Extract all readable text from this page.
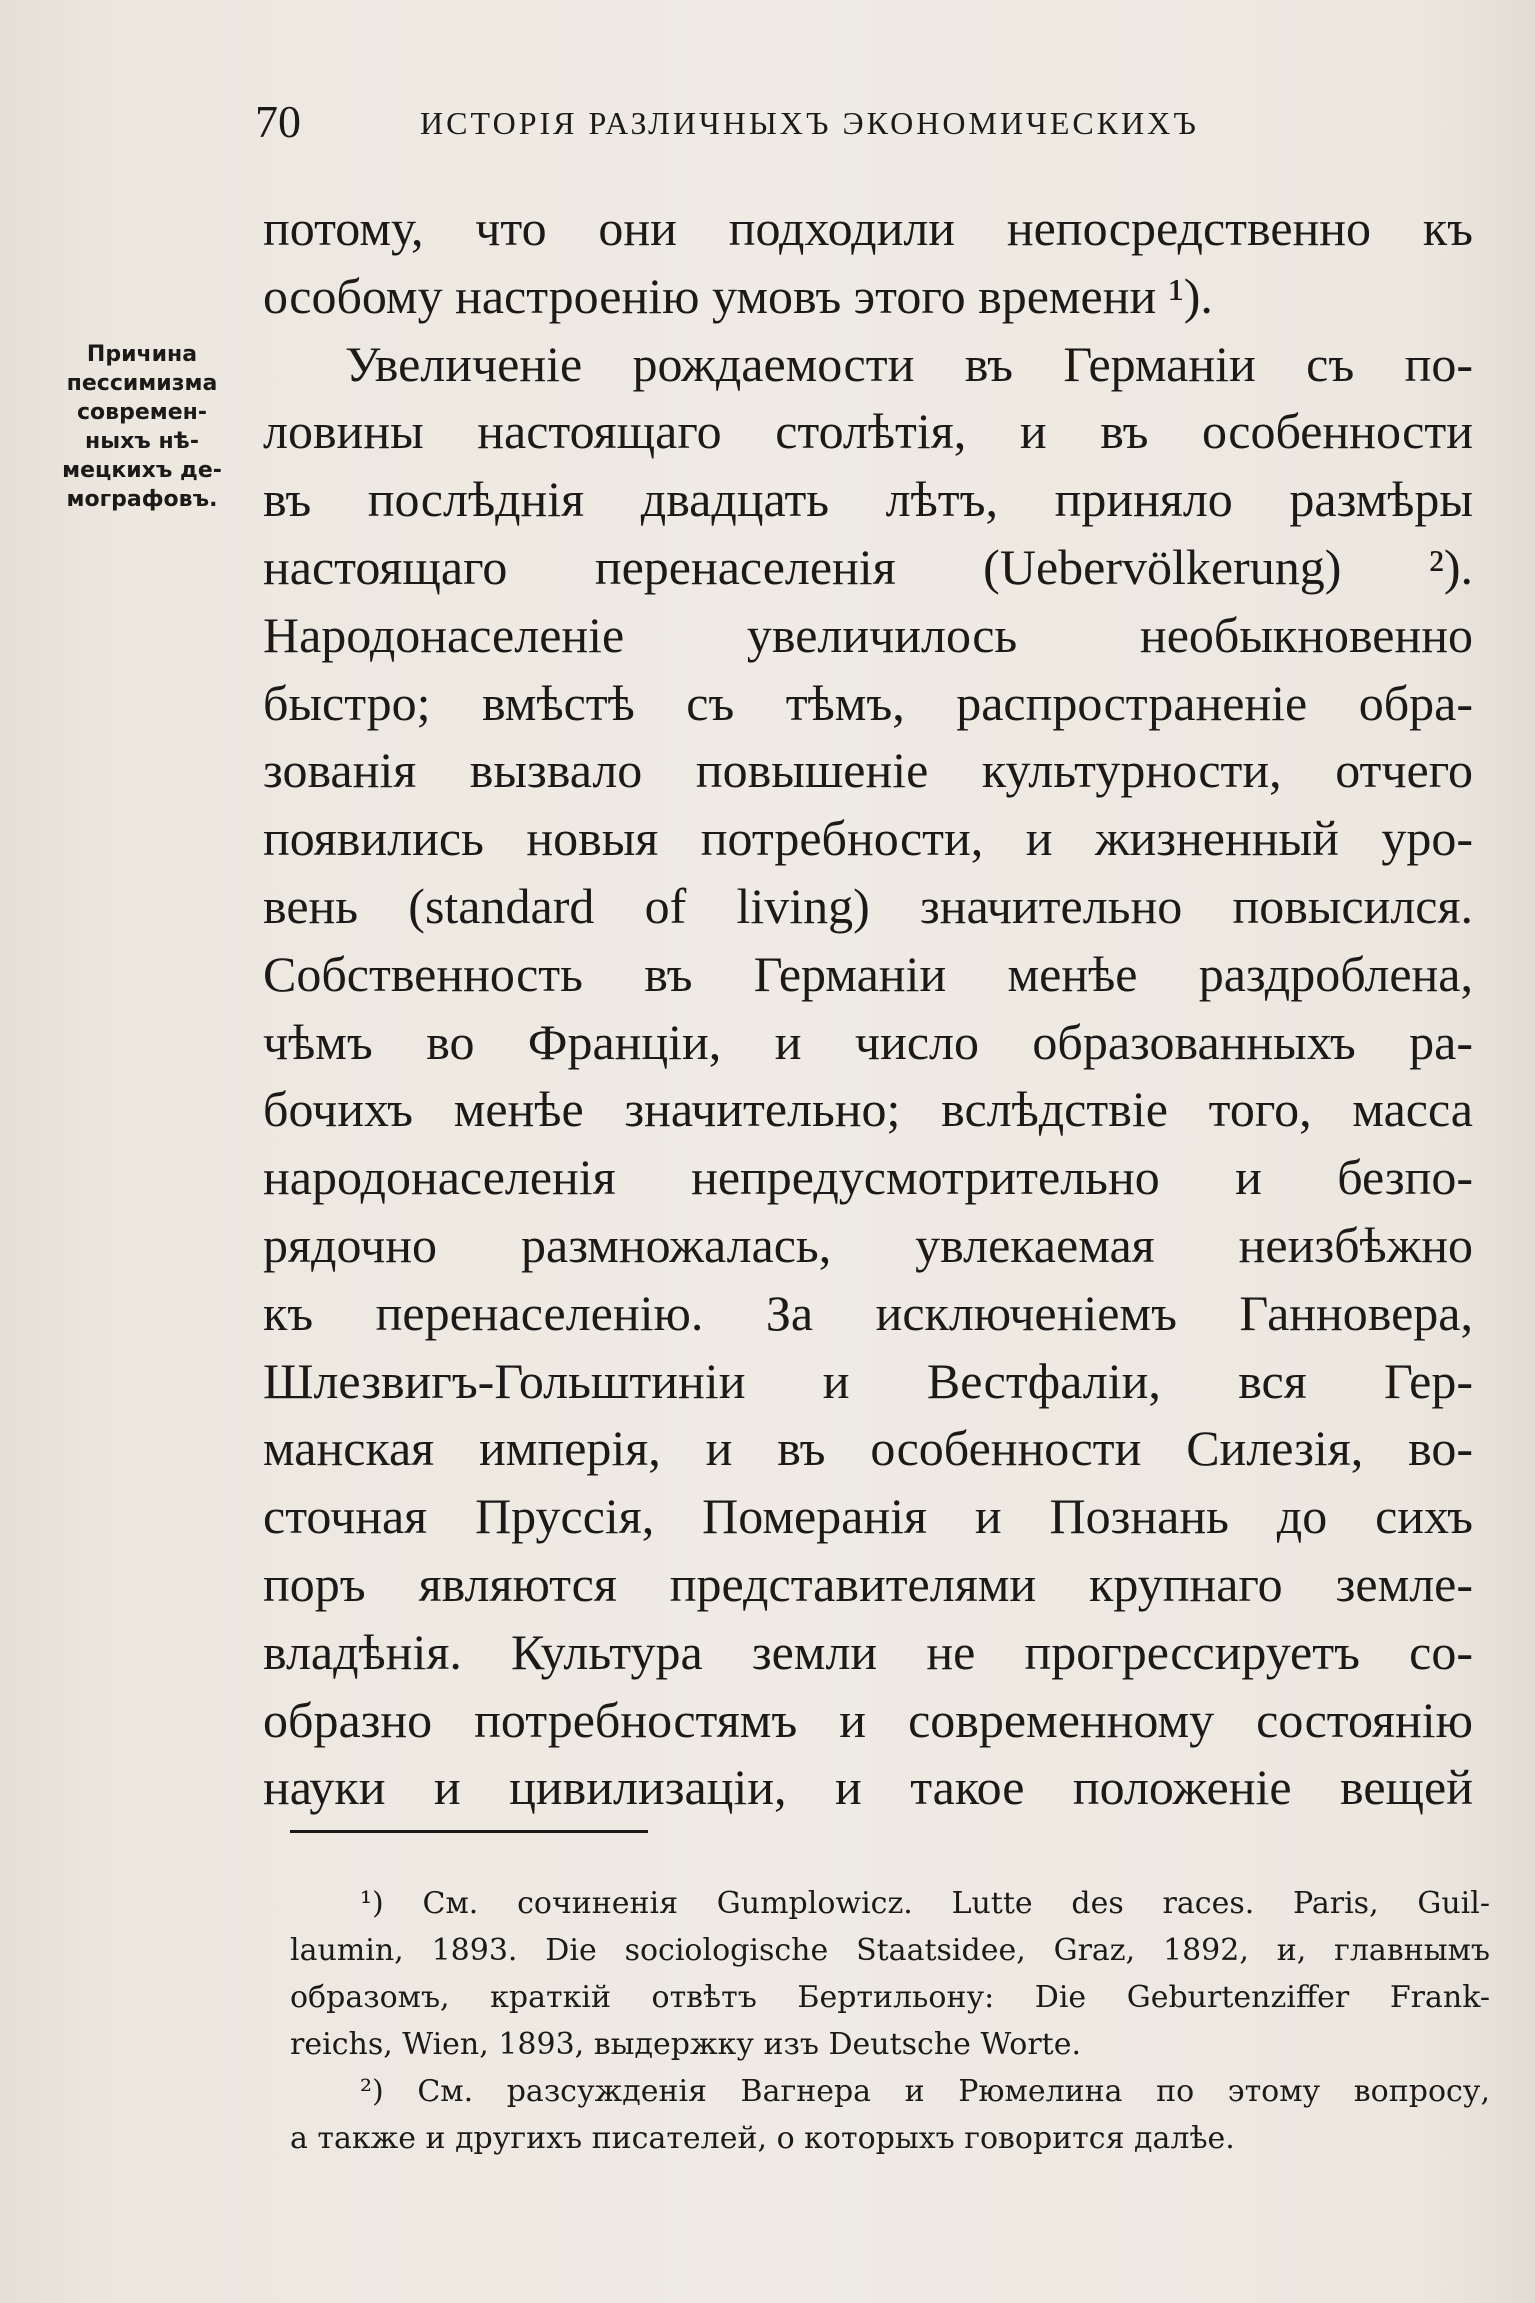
70	ИСТОРІЯ РАЗЛИЧНЫХЪ ЭКОНОМИЧЕСКИХЪ
Причина
пессимизма
современ-
ныхъ нѣ-
мецкихъ де-
мографовъ.
потому, что они подходили непосредственно къ
особому настроенію умовъ этого времени ¹).
Увеличеніе рождаемости въ Германіи съ по-
ловины настоящаго столѣтія, и въ особенности
въ послѣднія двадцать лѣтъ, приняло размѣры
настоящаго перенаселенія (Uebervölkerung) ²).
Народонаселеніе увеличилось необыкновенно
быстро; вмѣстѣ съ тѣмъ, распространеніе обра-
зованія вызвало повышеніе культурности, отчего
появились новыя потребности, и жизненный уро-
вень (standard of living) значительно повысился.
Собственность въ Германіи менѣе раздроблена,
чѣмъ во Франціи, и число образованныхъ ра-
бочихъ менѣе значительно; вслѣдствіе того, масса
народонаселенія непредусмотрительно и безпо-
рядочно размножалась, увлекаемая неизбѣжно
къ перенаселенію. За исключеніемъ Ганновера,
Шлезвигъ-Гольштиніи и Вестфаліи, вся Гер-
манская имперія, и въ особенности Силезія, во-
сточная Пруссія, Померанія и Познань до сихъ
поръ являются представителями крупнаго земле-
владѣнія. Культура земли не прогрессируетъ со-
образно потребностямъ и современному состоянію
науки и цивилизаціи, и такое положеніе вещей
¹) См. сочиненія Gumplowicz. Lutte des races. Paris, Guil-
laumin, 1893. Die sociologische Staatsidee, Graz, 1892, и, главнымъ
образомъ, краткій отвѣтъ Бертильону: Die Geburtenziffer Frank-
reichs, Wien, 1893, выдержку изъ Deutsche Worte.
²) См. разсужденія Вагнера и Рюмелина по этому вопросу,
а также и другихъ писателей, о которыхъ говорится далѣе.
